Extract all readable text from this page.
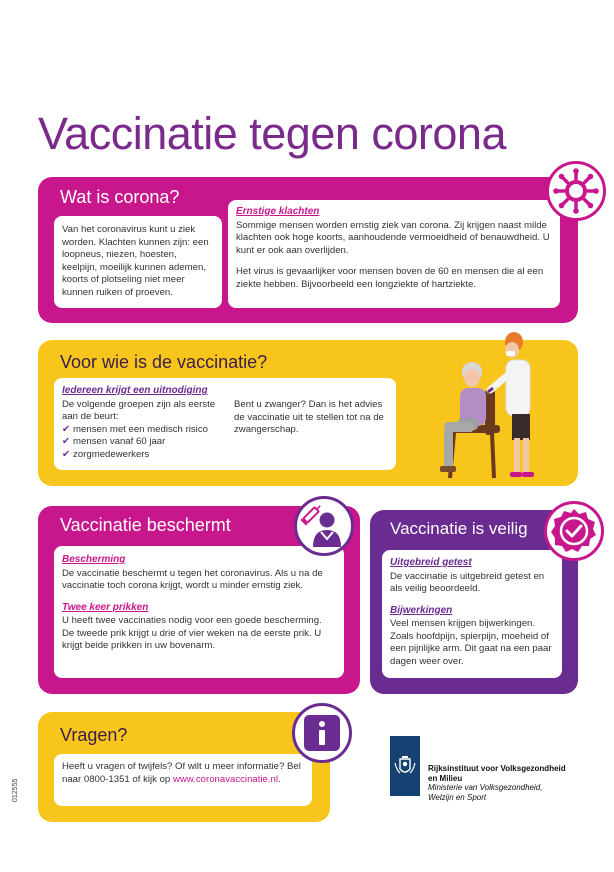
Vaccinatie tegen corona
Wat is corona?
Van het coronavirus kunt u ziek worden. Klachten kunnen zijn: een loopneus, niezen, hoesten, keelpijn, moeilijk kunnen ademen, koorts of plotseling niet meer kunnen ruiken of proeven.
Ernstige klachten
Sommige mensen worden ernstig ziek van corona. Zij krijgen naast milde klachten ook hoge koorts, aanhoudende vermoeidheid of benauwdheid. U kunt er ook aan overlijden.
Het virus is gevaarlijker voor mensen boven de 60 en mensen die al een ziekte hebben. Bijvoorbeeld een longziekte of hartziekte.
Voor wie is de vaccinatie?
Iedereen krijgt een uitnodiging
De volgende groepen zijn als eerste aan de beurt:
✔ mensen met een medisch risico
✔ mensen vanaf 60 jaar
✔ zorgmedewerkers
Bent u zwanger? Dan is het advies de vaccinatie uit te stellen tot na de zwangerschap.
Vaccinatie beschermt
Bescherming
De vaccinatie beschermt u tegen het coronavirus. Als u na de vaccinatie toch corona krijgt, wordt u minder ernstig ziek.
Twee keer prikken
U heeft twee vaccinaties nodig voor een goede bescherming. De tweede prik krijgt u drie of vier weken na de eerste prik. U krijgt beide prikken in uw bovenarm.
Vaccinatie is veilig
Uitgebreid getest
De vaccinatie is uitgebreid getest en als veilig beoordeeld.
Bijwerkingen
Veel mensen krijgen bijwerkingen. Zoals hoofdpijn, spierpijn, moeheid of een pijnlijke arm. Dit gaat na een paar dagen weer over.
Vragen?
Heeft u vragen of twijfels? Of wilt u meer informatie? Bel naar 0800-1351 of kijk op www.coronavaccinatie.nl.
Rijksinstituut voor Volksgezondheid
en Milieu
Ministerie van Volksgezondheid,
Welzijn en Sport
012555
